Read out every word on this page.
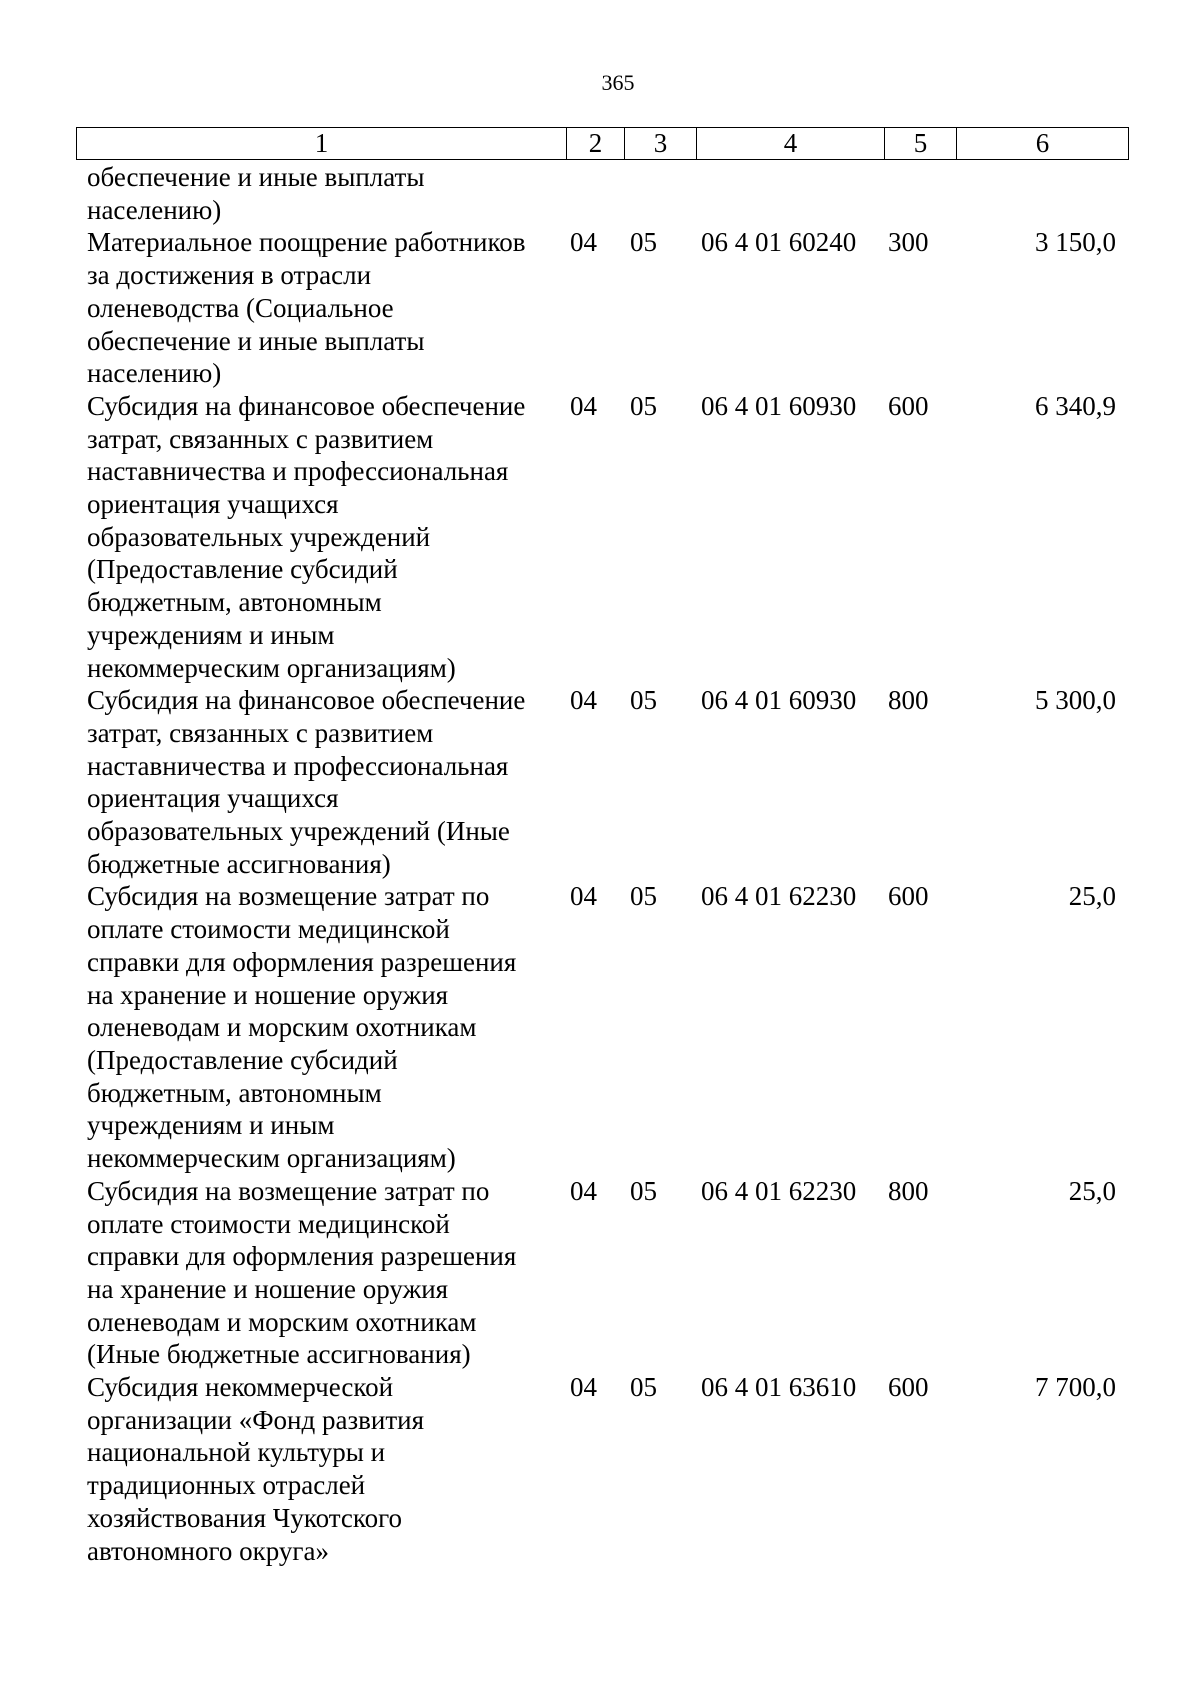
365
1	2	3	4	5	6
обеспечение и иные выплаты
населению)
Материальное поощрение работников
за достижения в отрасли
оленеводства (Социальное
обеспечение и иные выплаты
населению)
04	05	06 4 01 60240	300	3 150,0
Субсидия на финансовое обеспечение
затрат, связанных с развитием
наставничества и профессиональная
ориентация учащихся
образовательных учреждений
(Предоставление субсидий
бюджетным, автономным
учреждениям и иным
некоммерческим организациям)
04	05	06 4 01 60930	600	6 340,9
Субсидия на финансовое обеспечение
затрат, связанных с развитием
наставничества и профессиональная
ориентация учащихся
образовательных учреждений (Иные
бюджетные ассигнования)
04	05	06 4 01 60930	800	5 300,0
Субсидия на возмещение затрат по
оплате стоимости медицинской
справки для оформления разрешения
на хранение и ношение оружия
оленеводам и морским охотникам
(Предоставление субсидий
бюджетным, автономным
учреждениям и иным
некоммерческим организациям)
04	05	06 4 01 62230	600	25,0
Субсидия на возмещение затрат по
оплате стоимости медицинской
справки для оформления разрешения
на хранение и ношение оружия
оленеводам и морским охотникам
(Иные бюджетные ассигнования)
04	05	06 4 01 62230	800	25,0
Субсидия некоммерческой
организации «Фонд развития
национальной культуры и
традиционных отраслей
хозяйствования Чукотского
автономного округа»
04	05	06 4 01 63610	600	7 700,0
